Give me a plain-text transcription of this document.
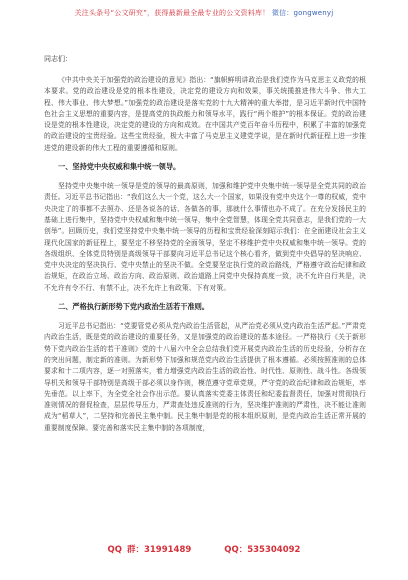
关注头条号“公文研究”，获得最新最全最专业的公文资料库！ 微信：gongwenyj

同志们：

《中共中央关于加强党的政治建设的意见》指出：“旗帜鲜明讲政治是我们党作为马克思主义政党的根本要求。党的政治建设是党的根本性建设，决定党的建设方向和效果，事关统揽推进伟大斗争、伟大工程、伟大事业、伟大梦想。”加强党的政治建设是落实党的十九大精神的重大举措，是习近平新时代中国特色社会主义思想的重要内容，是提高党的执政能力和领导水平，践行“两个维护”的根本保证。党的政治建设是党的根本性建设，决定党的建设的方向和成效。在中国共产党百年奋斗历程中，积累了丰富的加强党的政治建设的宝贵经验。这些宝贵经验，极大丰富了马克思主义建党学说，是在新时代新征程上进一步推进党的建设新的伟大工程的重要遵循和原则。

一、坚持党中央权威和集中统一领导。

坚持党中央集中统一领导是党的领导的最高原则，加强和维护党中央集中统一领导是全党共同的政治责任。习近平总书记指出：“我们这么大一个党，这么大一个国家，如果没有党中央这个一尊的权威，党中央决定了的事都不去照办、还是各说各的话、各做各的事，那就什么事情也办不成了。在充分发扬民主的基础上进行集中，坚持党中央权威和集中统一领导，集中全党智慧，体现全党共同意志，是我们党的一大创举”。回顾历史，我们党坚持党中央集中统一领导的历程和宝贵经验深刻昭示我们：在全面建设社会主义现代化国家的新征程上，要坚定不移坚持党的全面领导，坚定不移维护党中央权威和集中统一领导。党的各级组织、全体党员特别是高级领导干部要向习近平总书记这个核心看齐，做到党中央倡导的坚决响应、党中央决定的坚决执行、党中央禁止的坚决不做。全党要坚定执行党的政治路线，严格遵守政治纪律和政治规矩，在政治立场、政治方向、政治原则、政治道路上同党中央保持高度一致，决不允许自行其是，决不允许有令不行、有禁不止，决不允许上有政策、下有对策。

二、严格执行新形势下党内政治生活若干准则。

习近平总书记指出：“党要管党必须从党内政治生活管起，从严治党必须从党内政治生活严起。”严肃党内政治生活，既是党的政治建设的重要任务，又是加强党的政治建设的基本途径。一严格执行《关于新形势下党内政治生活的若干准则》党的十八届六中全会总结我们党开展党内政治生活的历史经验，分析存在的突出问题，制定新的准则。为新形势下加强和规范党内政治生活提供了根本遵循。必须按照准则的总体要求和十二项内容，逐一对照落实，着力增强党内政治生活的政治性、时代性、原则性、战斗性。各级领导机关和领导干部特别是高级干部必须以身作则，模范遵守党章党规，严守党的政治纪律和政治规矩，率先垂范。以上率下，为全党全社会作出示范。要认真落实党委主体责任和纪委监督责任，加强对贯彻执行准则情况的督促检查，层层传导压力，严肃查处违反准则的行为，坚决维护准则的严肃性，决不能让准则成为“稻草人”，二坚持和完善民主集中制。民主集中制是党的根本组织原则，是党内政治生活正常开展的重要制度保障。要完善和落实民主集中制的各项制度，

QQ 群：31991489	QQ：535304092
